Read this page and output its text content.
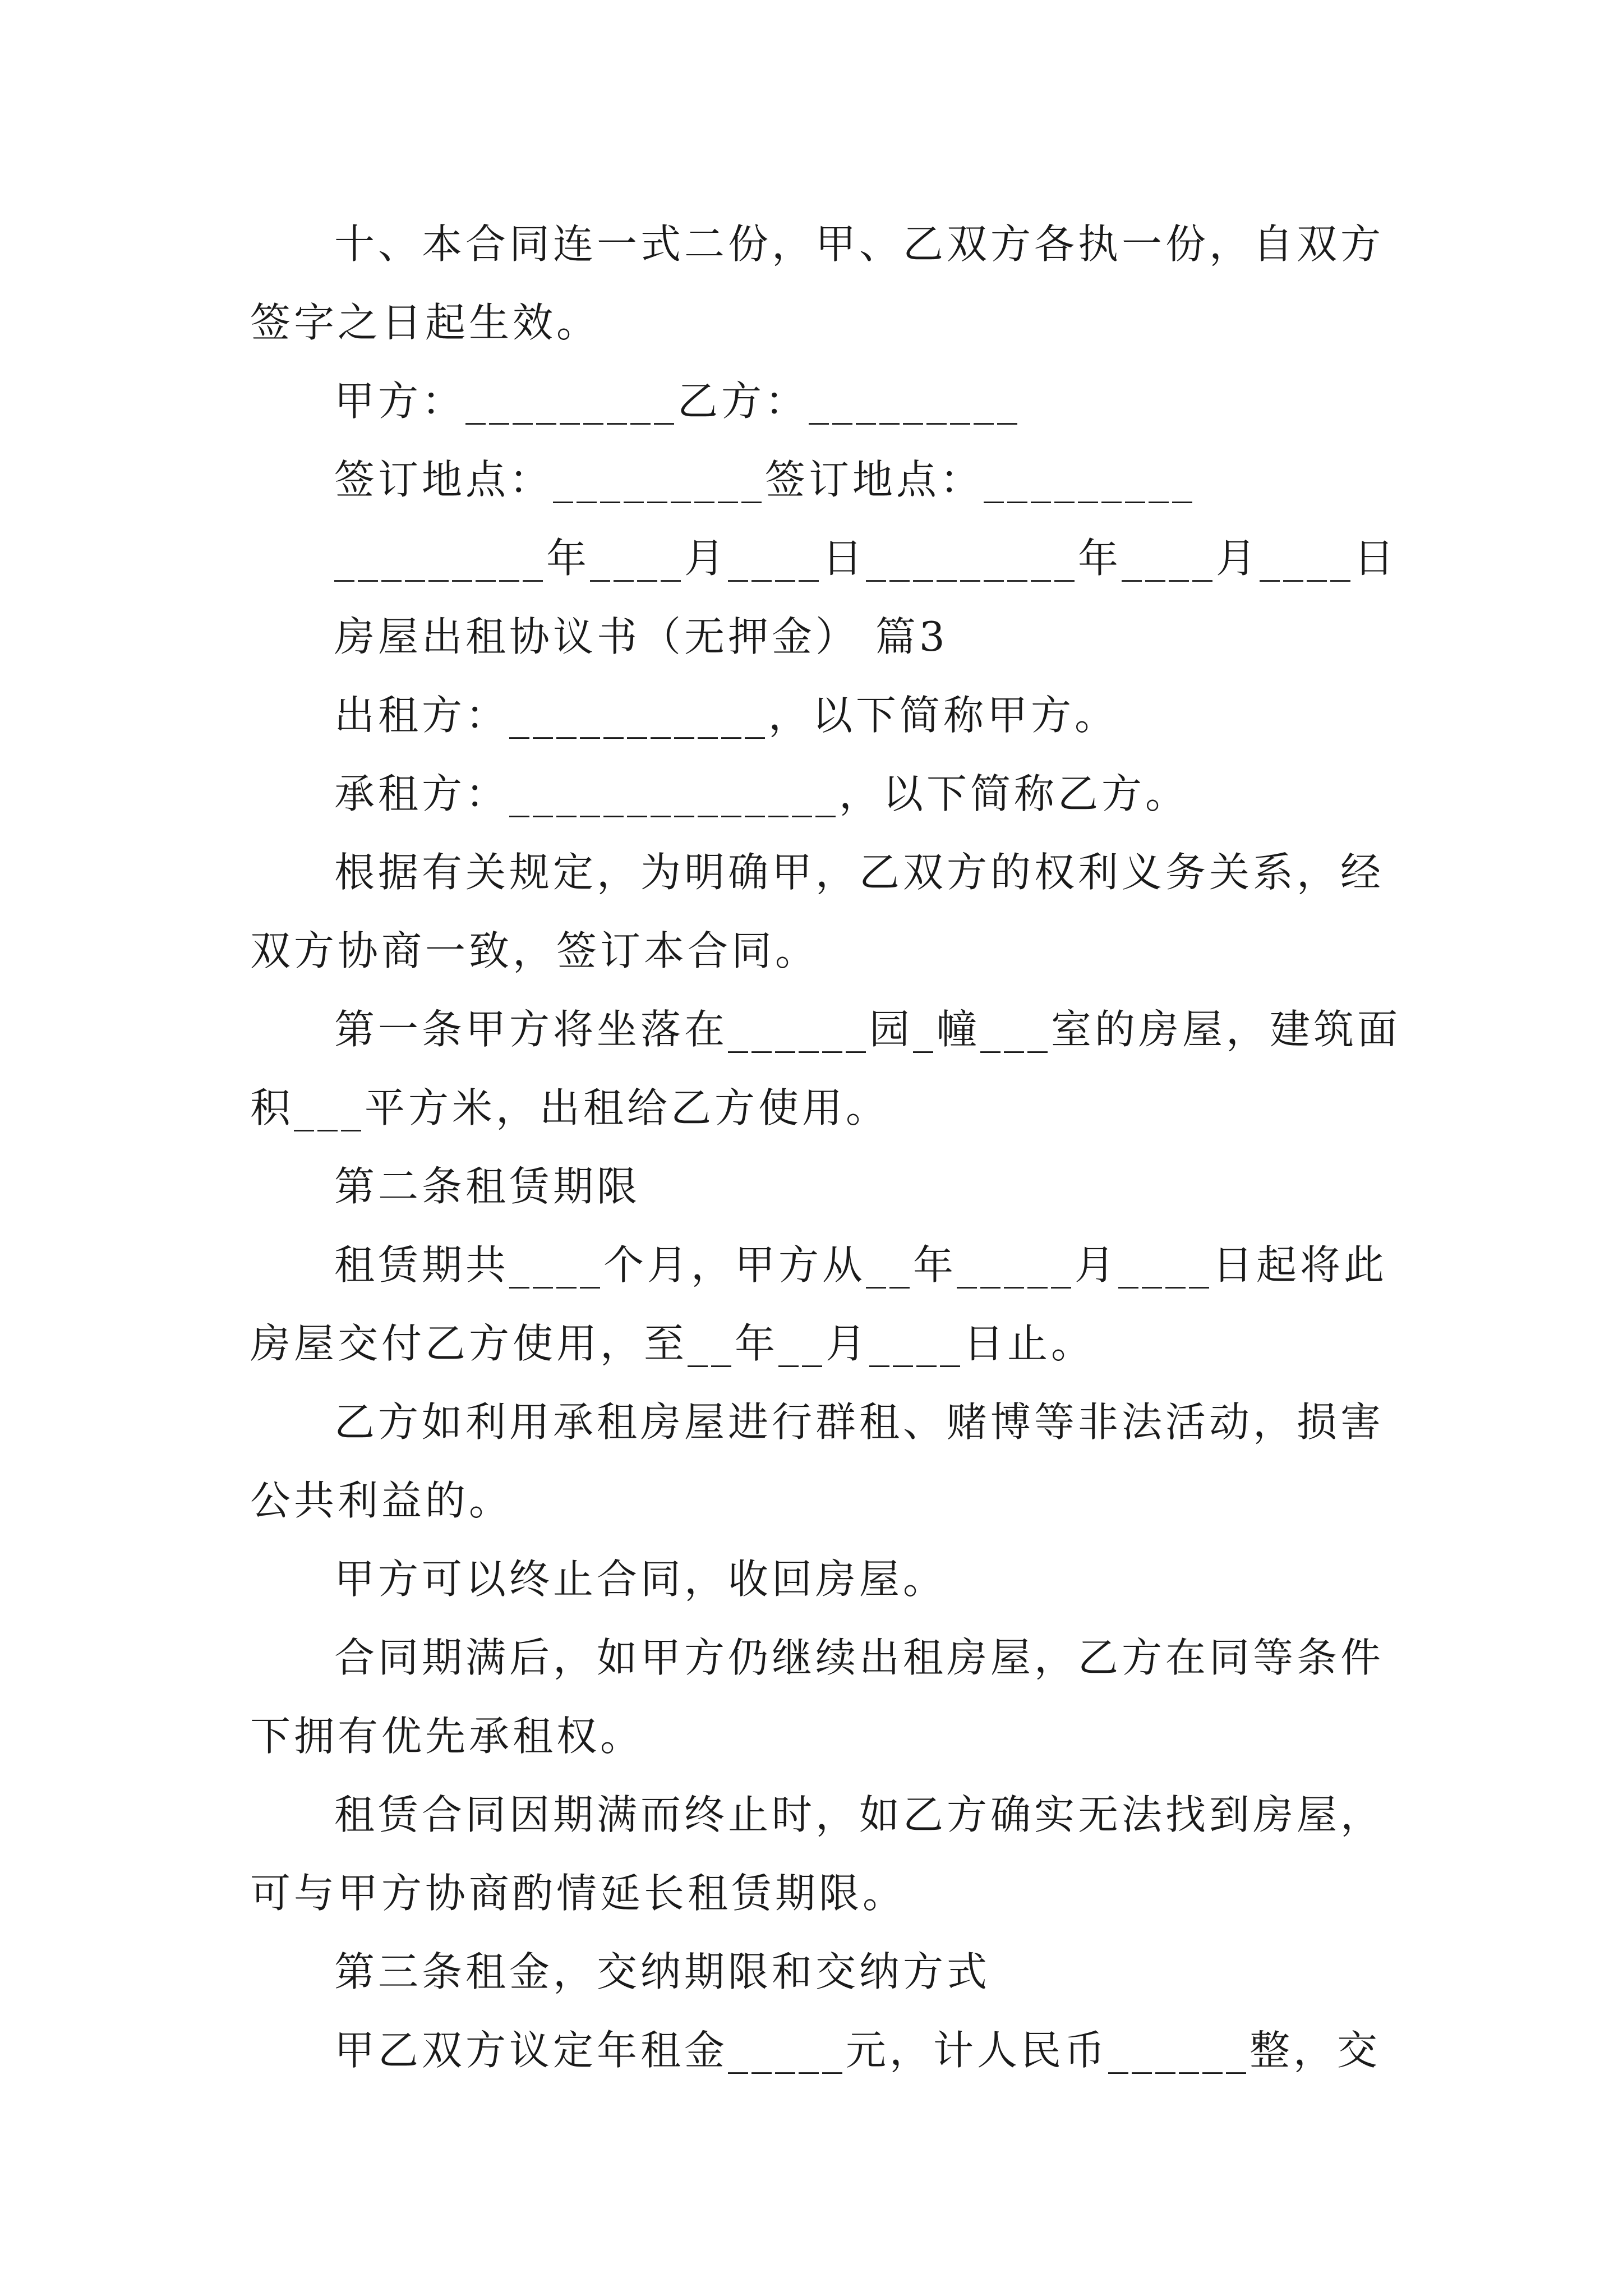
十、本合同连一式二份，甲、乙双方各执一份，自双方
签字之日起生效。
甲方：_________乙方：_________
签订地点：_________签订地点：_________
_________年____月____日_________年____月____日
房屋出租协议书（无押金） 篇3
出租方：___________，以下简称甲方。
承租方：______________，以下简称乙方。
根据有关规定，为明确甲，乙双方的权利义务关系，经
双方协商一致，签订本合同。
第一条甲方将坐落在______园_幢___室的房屋，建筑面
积___平方米，出租给乙方使用。
第二条租赁期限
租赁期共____个月，甲方从__年_____月____日起将此
房屋交付乙方使用，至__年__月____日止。
乙方如利用承租房屋进行群租、赌博等非法活动，损害
公共利益的。
甲方可以终止合同，收回房屋。
合同期满后，如甲方仍继续出租房屋，乙方在同等条件
下拥有优先承租权。
租赁合同因期满而终止时，如乙方确实无法找到房屋，
可与甲方协商酌情延长租赁期限。
第三条租金，交纳期限和交纳方式
甲乙双方议定年租金_____元，计人民币______整，交
